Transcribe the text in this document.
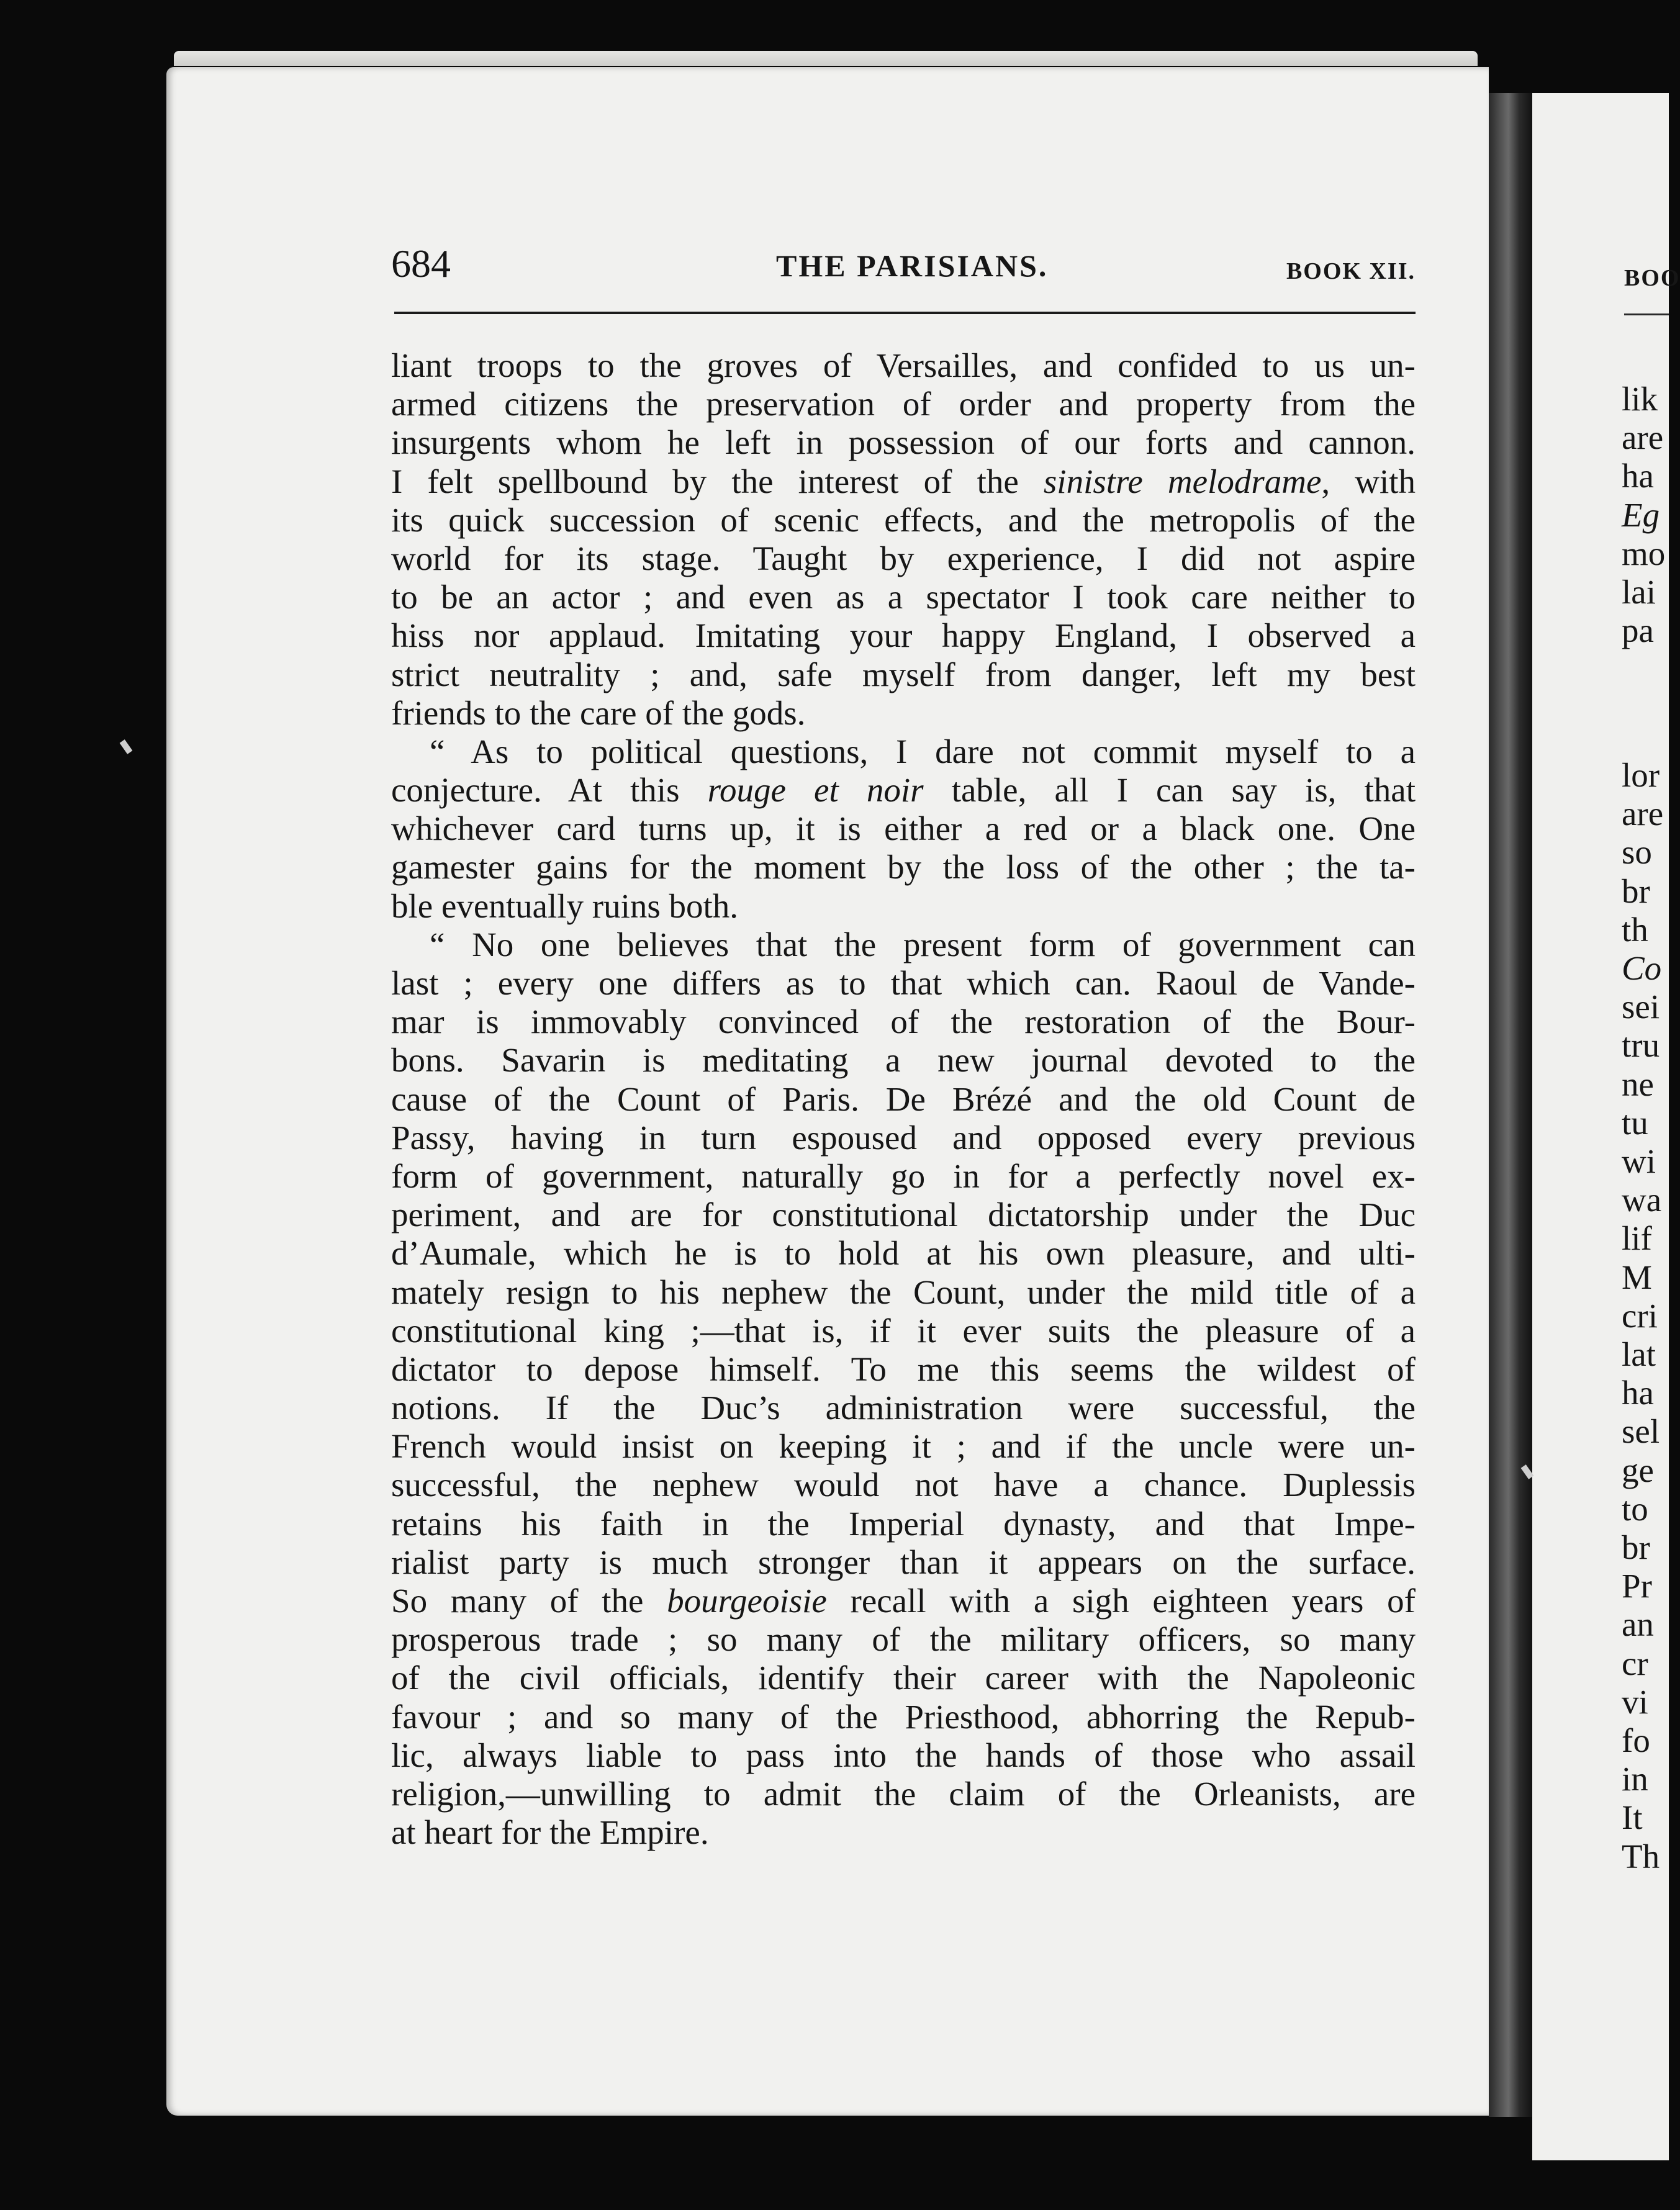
684	THE PARISIANS.	BOOK XII.
liant troops to the groves of Versailles, and confided to us un-
armed citizens the preservation of order and property from the
insurgents whom he left in possession of our forts and cannon.
I felt spellbound by the interest of the sinistre melodrame, with
its quick succession of scenic effects, and the metropolis of the
world for its stage. Taught by experience, I did not aspire
to be an actor ; and even as a spectator I took care neither to
hiss nor applaud. Imitating your happy England, I observed a
strict neutrality ; and, safe myself from danger, left my best
friends to the care of the gods.
“ As to political questions, I dare not commit myself to a
conjecture. At this rouge et noir table, all I can say is, that
whichever card turns up, it is either a red or a black one. One
gamester gains for the moment by the loss of the other ; the ta-
ble eventually ruins both.
“ No one believes that the present form of government can
last ; every one differs as to that which can. Raoul de Vande-
mar is immovably convinced of the restoration of the Bour-
bons. Savarin is meditating a new journal devoted to the
cause of the Count of Paris. De Brézé and the old Count de
Passy, having in turn espoused and opposed every previous
form of government, naturally go in for a perfectly novel ex-
periment, and are for constitutional dictatorship under the Duc
d’Aumale, which he is to hold at his own pleasure, and ulti-
mately resign to his nephew the Count, under the mild title of a
constitutional king ;—that is, if it ever suits the pleasure of a
dictator to depose himself. To me this seems the wildest of
notions. If the Duc’s administration were successful, the
French would insist on keeping it ; and if the uncle were un-
successful, the nephew would not have a chance. Duplessis
retains his faith in the Imperial dynasty, and that Impe-
rialist party is much stronger than it appears on the surface.
So many of the bourgeoisie recall with a sigh eighteen years of
prosperous trade ; so many of the military officers, so many
of the civil officials, identify their career with the Napoleonic
favour ; and so many of the Priesthood, abhorring the Repub-
lic, always liable to pass into the hands of those who assail
religion,—unwilling to admit the claim of the Orleanists, are
at heart for the Empire.
BOO
lik
are
ha
Eg
mo
lai
pa
lor
are
so
br
th
Co
sei
tru
ne
tu
wi
wa
lif
M
cri
lat
ha
sel
ge
to
br
Pr
an
cr
vi
fo
in
It
Th
